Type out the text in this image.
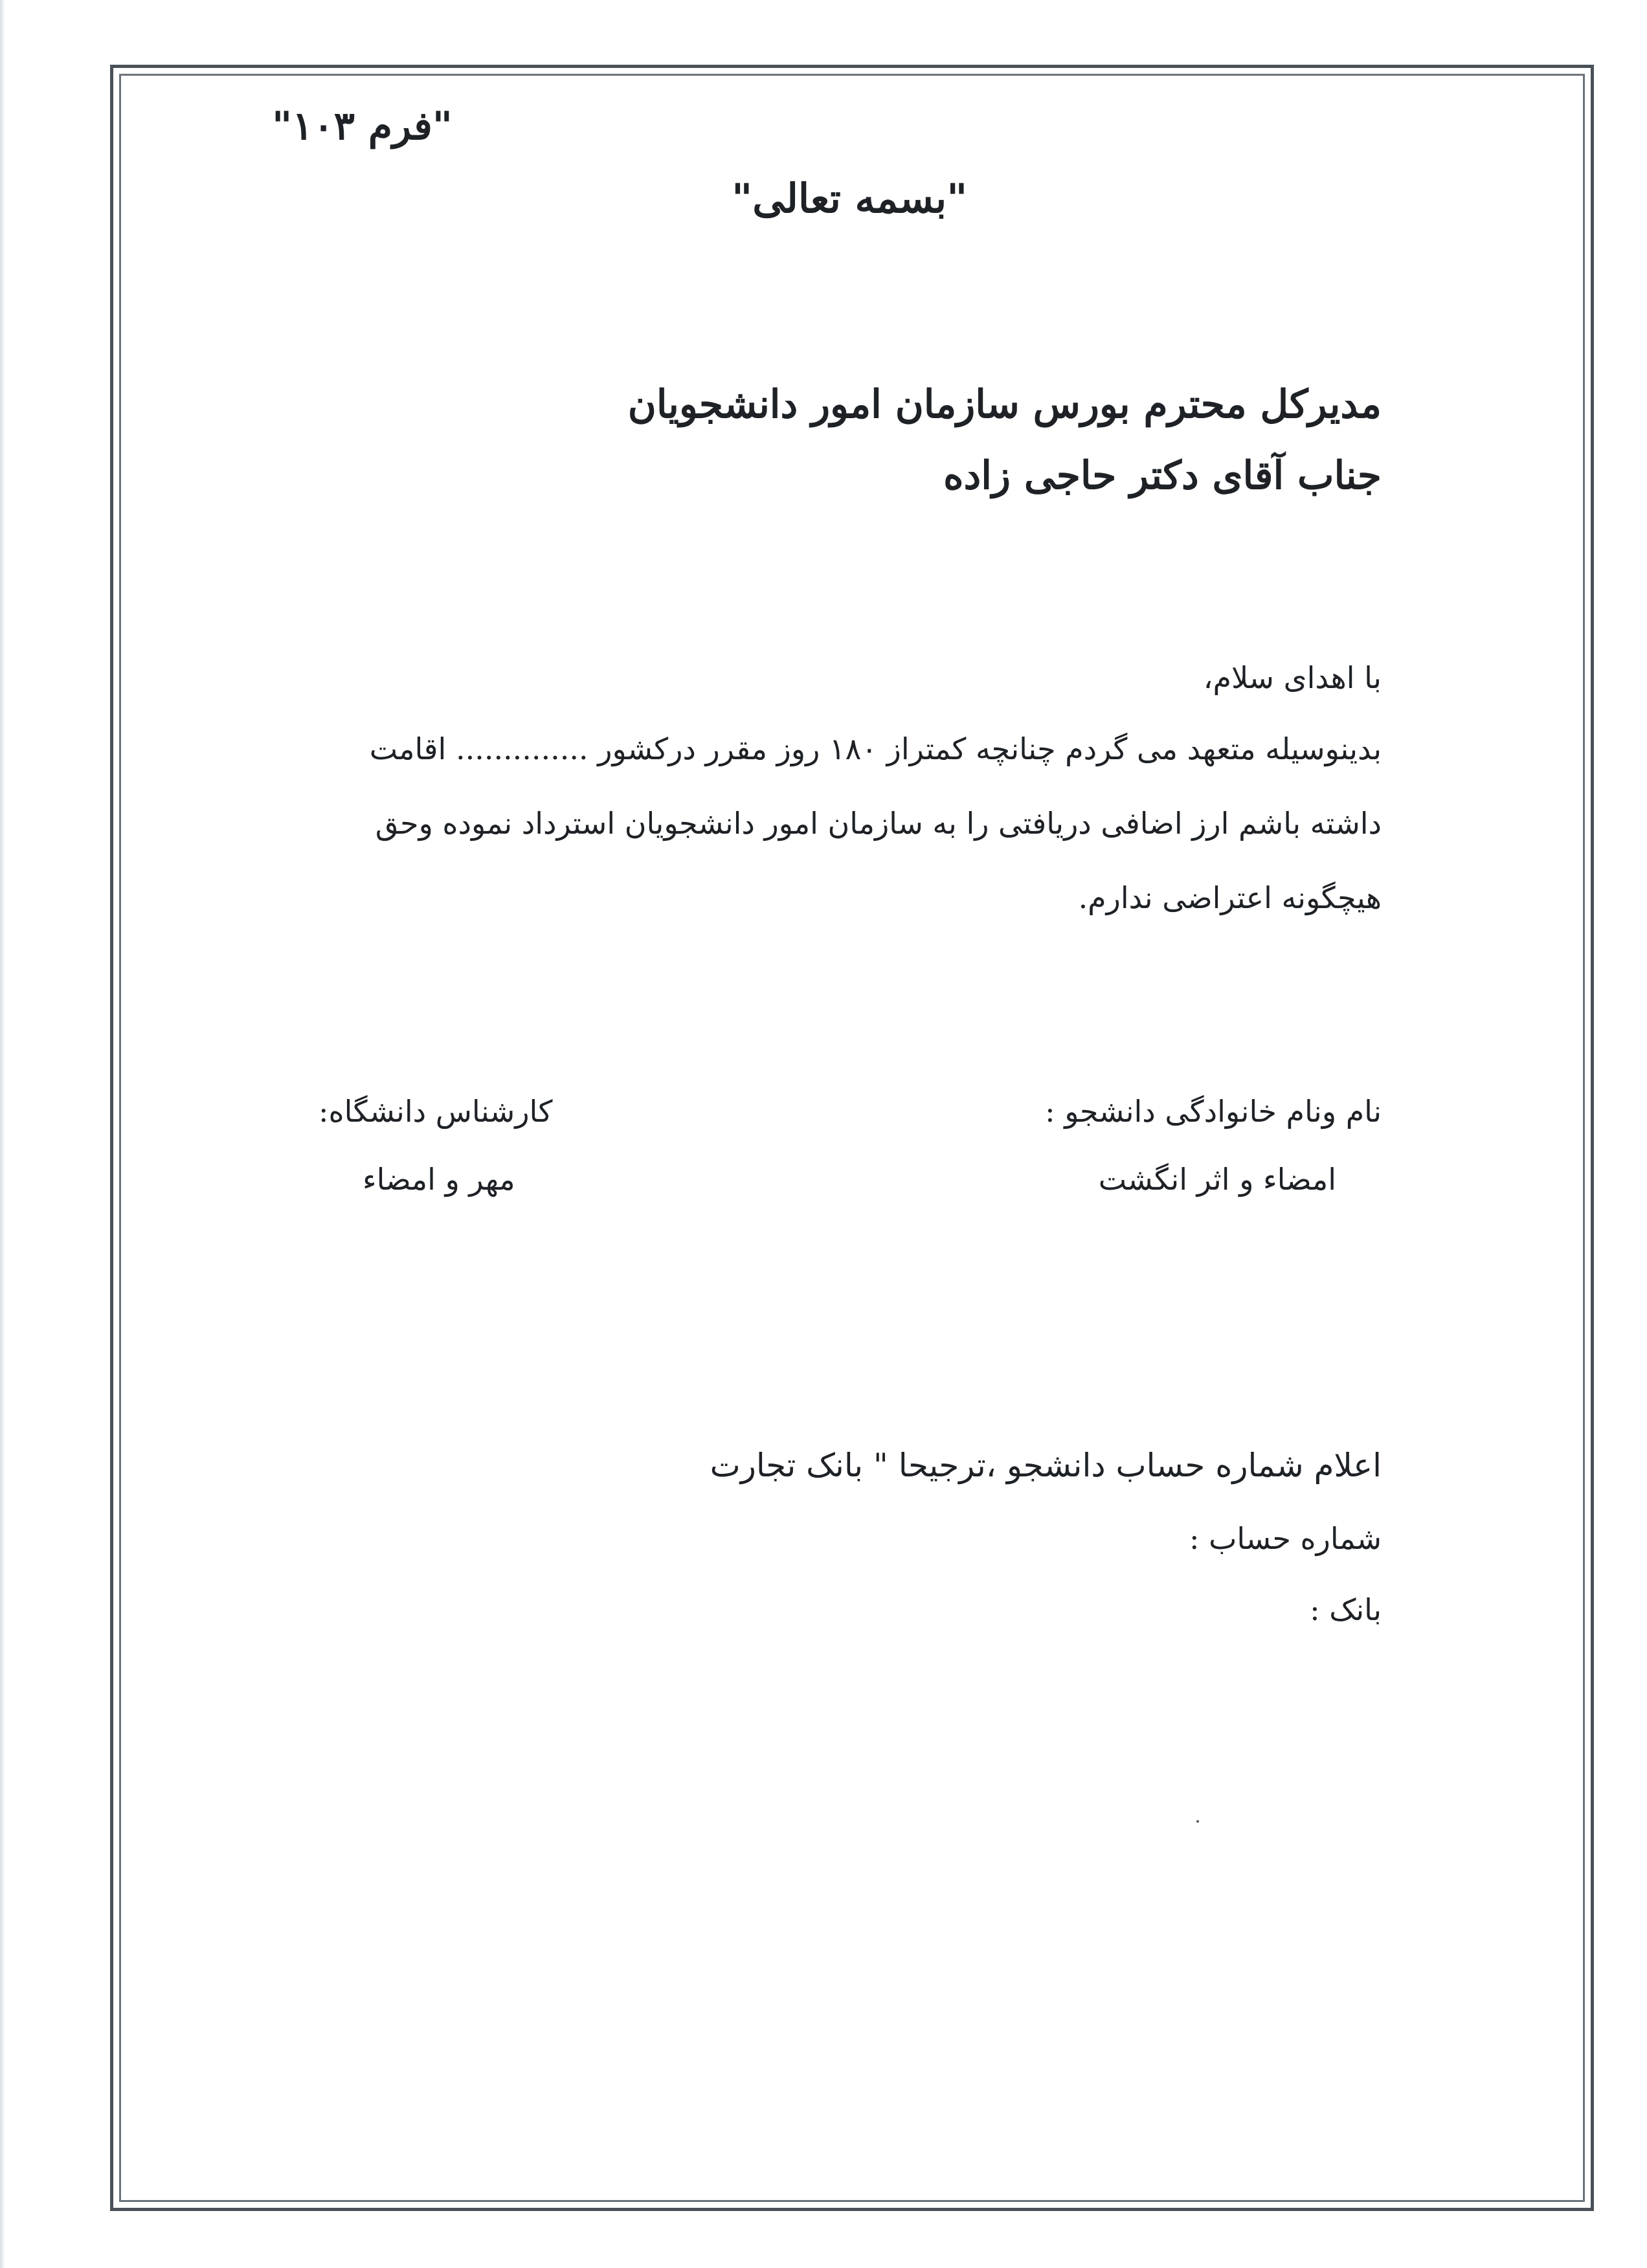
"فرم ۱۰۳"
"بسمه تعالی"
مدیرکل محترم بورس سازمان امور دانشجویان
جناب آقای دکتر حاجی زاده
با اهدای سلام،
بدینوسیله متعهد می گردم چنانچه کمتراز ۱۸۰ روز مقرر درکشور .............. اقامت
داشته باشم ارز اضافی دریافتی را به سازمان امور دانشجویان استرداد نموده وحق
هیچگونه اعتراضی ندارم.
نام ونام خانوادگی دانشجو :
امضاء و اثر انگشت
کارشناس دانشگاه:
مهر و امضاء
اعلام شماره حساب دانشجو ،ترجیحا " بانک تجارت
شماره حساب :
بانک :
